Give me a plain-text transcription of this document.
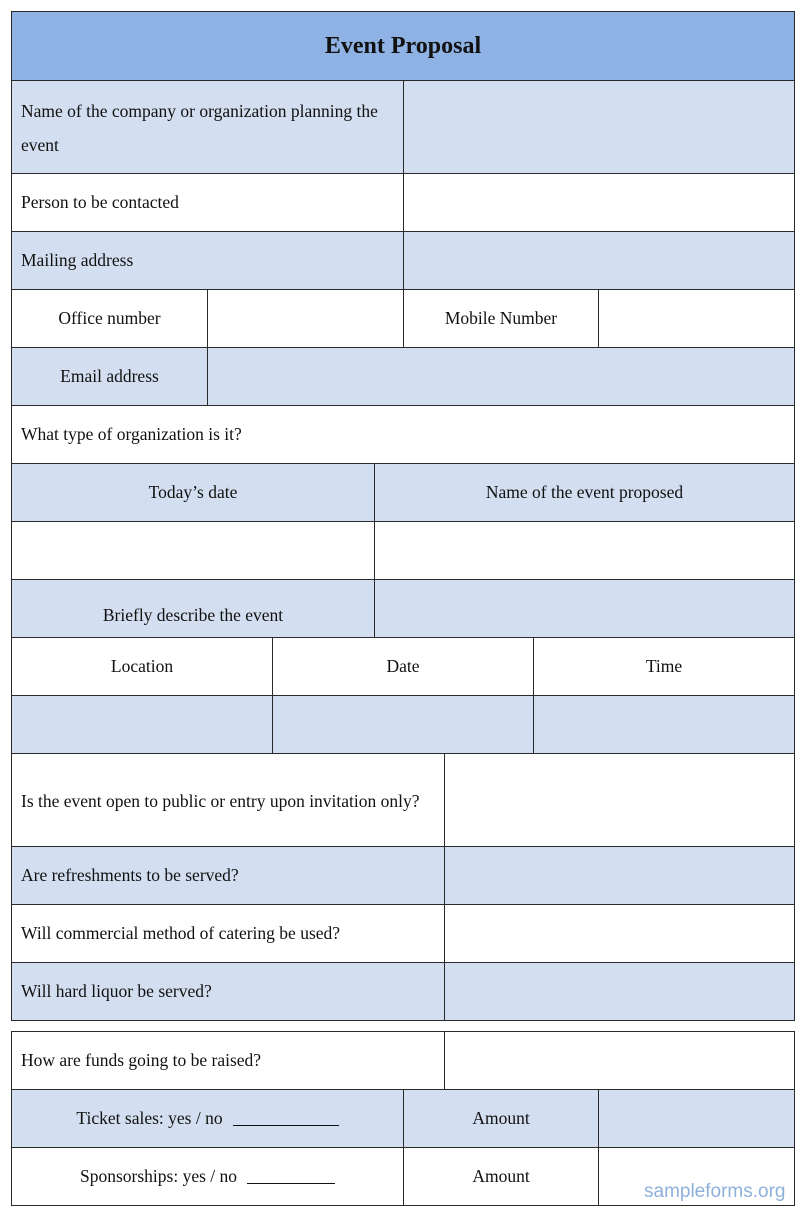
Event Proposal
Name of the company or organization planning the event
Person to be contacted
Mailing address
Office number	Mobile Number
Email address
What type of organization is it?
Today’s date	Name of the event proposed
Briefly describe the event
Location	Date	Time
Is the event open to public or entry upon invitation only?
Are refreshments to be served?
Will commercial method of catering be used?
Will hard liquor be served?
How are funds going to be raised?
Ticket sales: yes / no	Amount
Sponsorships: yes / no	Amount
sampleforms.org
